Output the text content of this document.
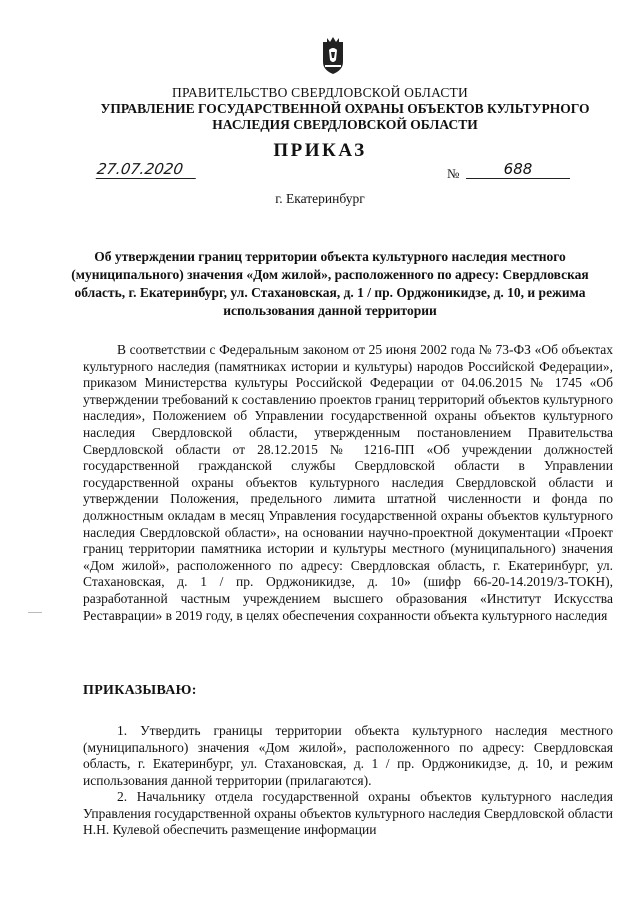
ПРАВИТЕЛЬСТВО СВЕРДЛОВСКОЙ ОБЛАСТИ
УПРАВЛЕНИЕ ГОСУДАРСТВЕННОЙ ОХРАНЫ ОБЪЕКТОВ КУЛЬТУРНОГО НАСЛЕДИЯ СВЕРДЛОВСКОЙ ОБЛАСТИ
ПРИКАЗ
27.07.2020	№	688
г. Екатеринбург
Об утверждении границ территории объекта культурного наследия местного (муниципального) значения «Дом жилой», расположенного по адресу: Свердловская область, г. Екатеринбург, ул. Стахановская, д. 1 / пр. Орджоникидзе, д. 10, и режима использования данной территории
В соответствии с Федеральным законом от 25 июня 2002 года № 73-ФЗ «Об объектах культурного наследия (памятниках истории и культуры) народов Российской Федерации», приказом Министерства культуры Российской Федерации от 04.06.2015 № 1745 «Об утверждении требований к составлению проектов границ территорий объектов культурного наследия», Положением об Управлении государственной охраны объектов культурного наследия Свердловской области, утвержденным постановлением Правительства Свердловской области от 28.12.2015 № 1216-ПП «Об учреждении должностей государственной гражданской службы Свердловской области в Управлении государственной охраны объектов культурного наследия Свердловской области и утверждении Положения, предельного лимита штатной численности и фонда по должностным окладам в месяц Управления государственной охраны объектов культурного наследия Свердловской области», на основании научно-проектной документации «Проект границ территории памятника истории и культуры местного (муниципального) значения «Дом жилой», расположенного по адресу: Свердловская область, г. Екатеринбург, ул. Стахановская, д. 1 / пр. Орджоникидзе, д. 10» (шифр 66-20-14.2019/З-ТОКН), разработанной частным учреждением высшего образования «Институт Искусства Реставрации» в 2019 году, в целях обеспечения сохранности объекта культурного наследия
ПРИКАЗЫВАЮ:
1. Утвердить границы территории объекта культурного наследия местного (муниципального) значения «Дом жилой», расположенного по адресу: Свердловская область, г. Екатеринбург, ул. Стахановская, д. 1 / пр. Орджоникидзе, д. 10, и режим использования данной территории (прилагаются).
2. Начальнику отдела государственной охраны объектов культурного наследия Управления государственной охраны объектов культурного наследия Свердловской области Н.Н. Кулевой обеспечить размещение информации
